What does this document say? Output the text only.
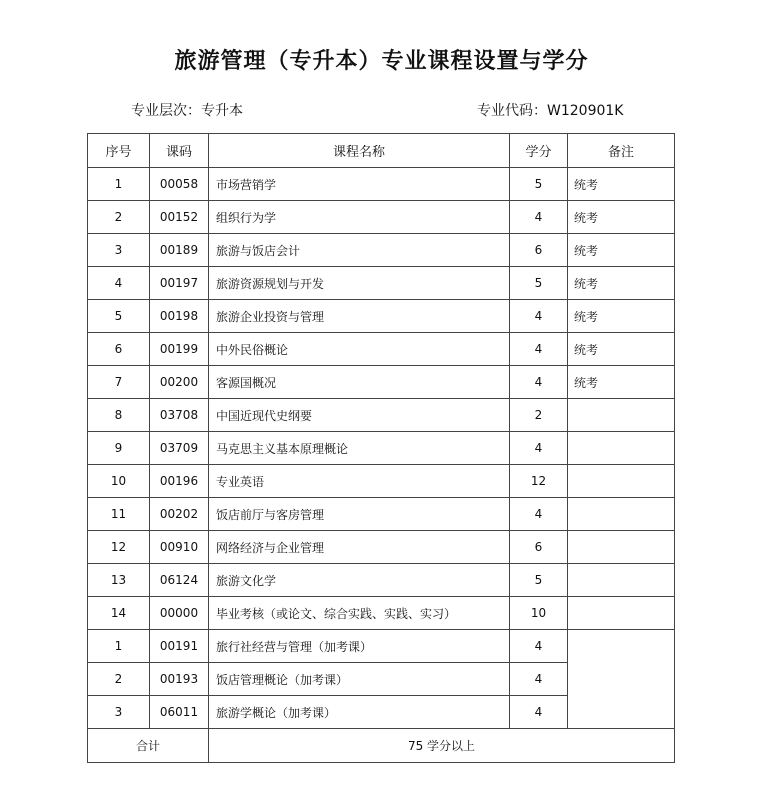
旅游管理（专升本）专业课程设置与学分
专业层次：专升本	专业代码：W120901K
序号	课码	课程名称	学分	备注
1	00058	市场营销学	5	统考
2	00152	组织行为学	4	统考
3	00189	旅游与饭店会计	6	统考
4	00197	旅游资源规划与开发	5	统考
5	00198	旅游企业投资与管理	4	统考
6	00199	中外民俗概论	4	统考
7	00200	客源国概况	4	统考
8	03708	中国近现代史纲要	2	
9	03709	马克思主义基本原理概论	4	
10	00196	专业英语	12	
11	00202	饭店前厅与客房管理	4	
12	00910	网络经济与企业管理	6	
13	06124	旅游文化学	5	
14	00000	毕业考核（或论文、综合实践、实践、实习）	10	
1	00191	旅行社经营与管理（加考课）	4	
2	00193	饭店管理概论（加考课）	4	
3	06011	旅游学概论（加考课）	4	
合计		75 学分以上		
